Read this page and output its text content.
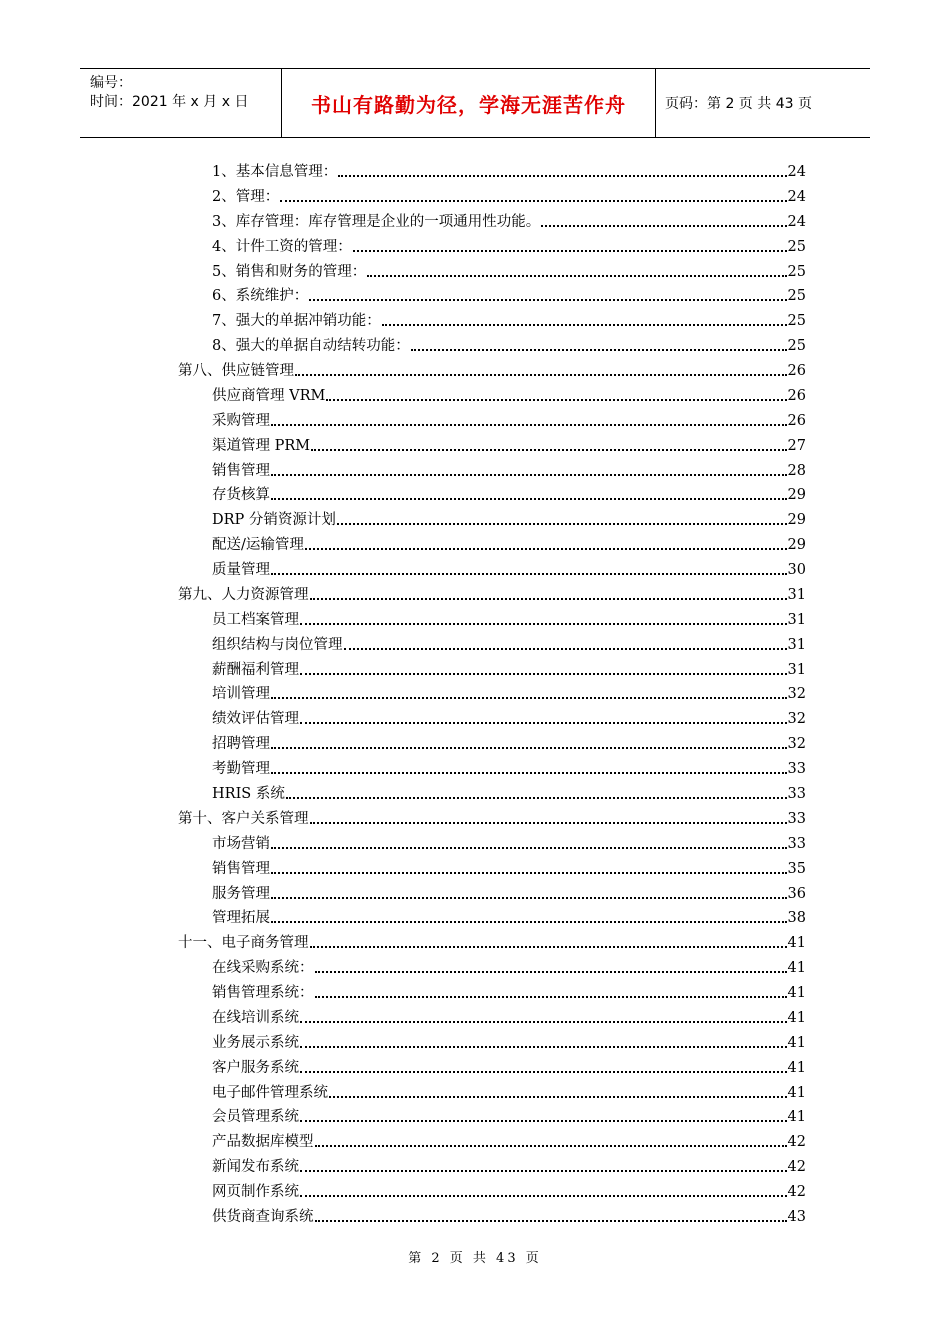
编号：
时间：2021 年 x 月 x 日	书山有路勤为径，学海无涯苦作舟	页码：第 2 页 共 43 页
1、基本信息管理：	24
2、管理：	24
3、库存管理：库存管理是企业的一项通用性功能。	24
4、计件工资的管理：	25
5、销售和财务的管理：	25
6、系统维护：	25
7、强大的单据冲销功能：	25
8、强大的单据自动结转功能：	25
第八、供应链管理	26
供应商管理 VRM	26
采购管理	26
渠道管理 PRM	27
销售管理	28
存货核算	29
DRP 分销资源计划	29
配送/运输管理	29
质量管理	30
第九、人力资源管理	31
员工档案管理	31
组织结构与岗位管理	31
薪酬福利管理	31
培训管理	32
绩效评估管理	32
招聘管理	32
考勤管理	33
HRIS 系统	33
第十、客户关系管理	33
市场营销	33
销售管理	35
服务管理	36
管理拓展	38
十一、电子商务管理	41
在线采购系统：	41
销售管理系统：	41
在线培训系统	41
业务展示系统	41
客户服务系统	41
电子邮件管理系统	41
会员管理系统	41
产品数据库模型	42
新闻发布系统	42
网页制作系统	42
供货商查询系统	43
第 2 页 共 43 页
